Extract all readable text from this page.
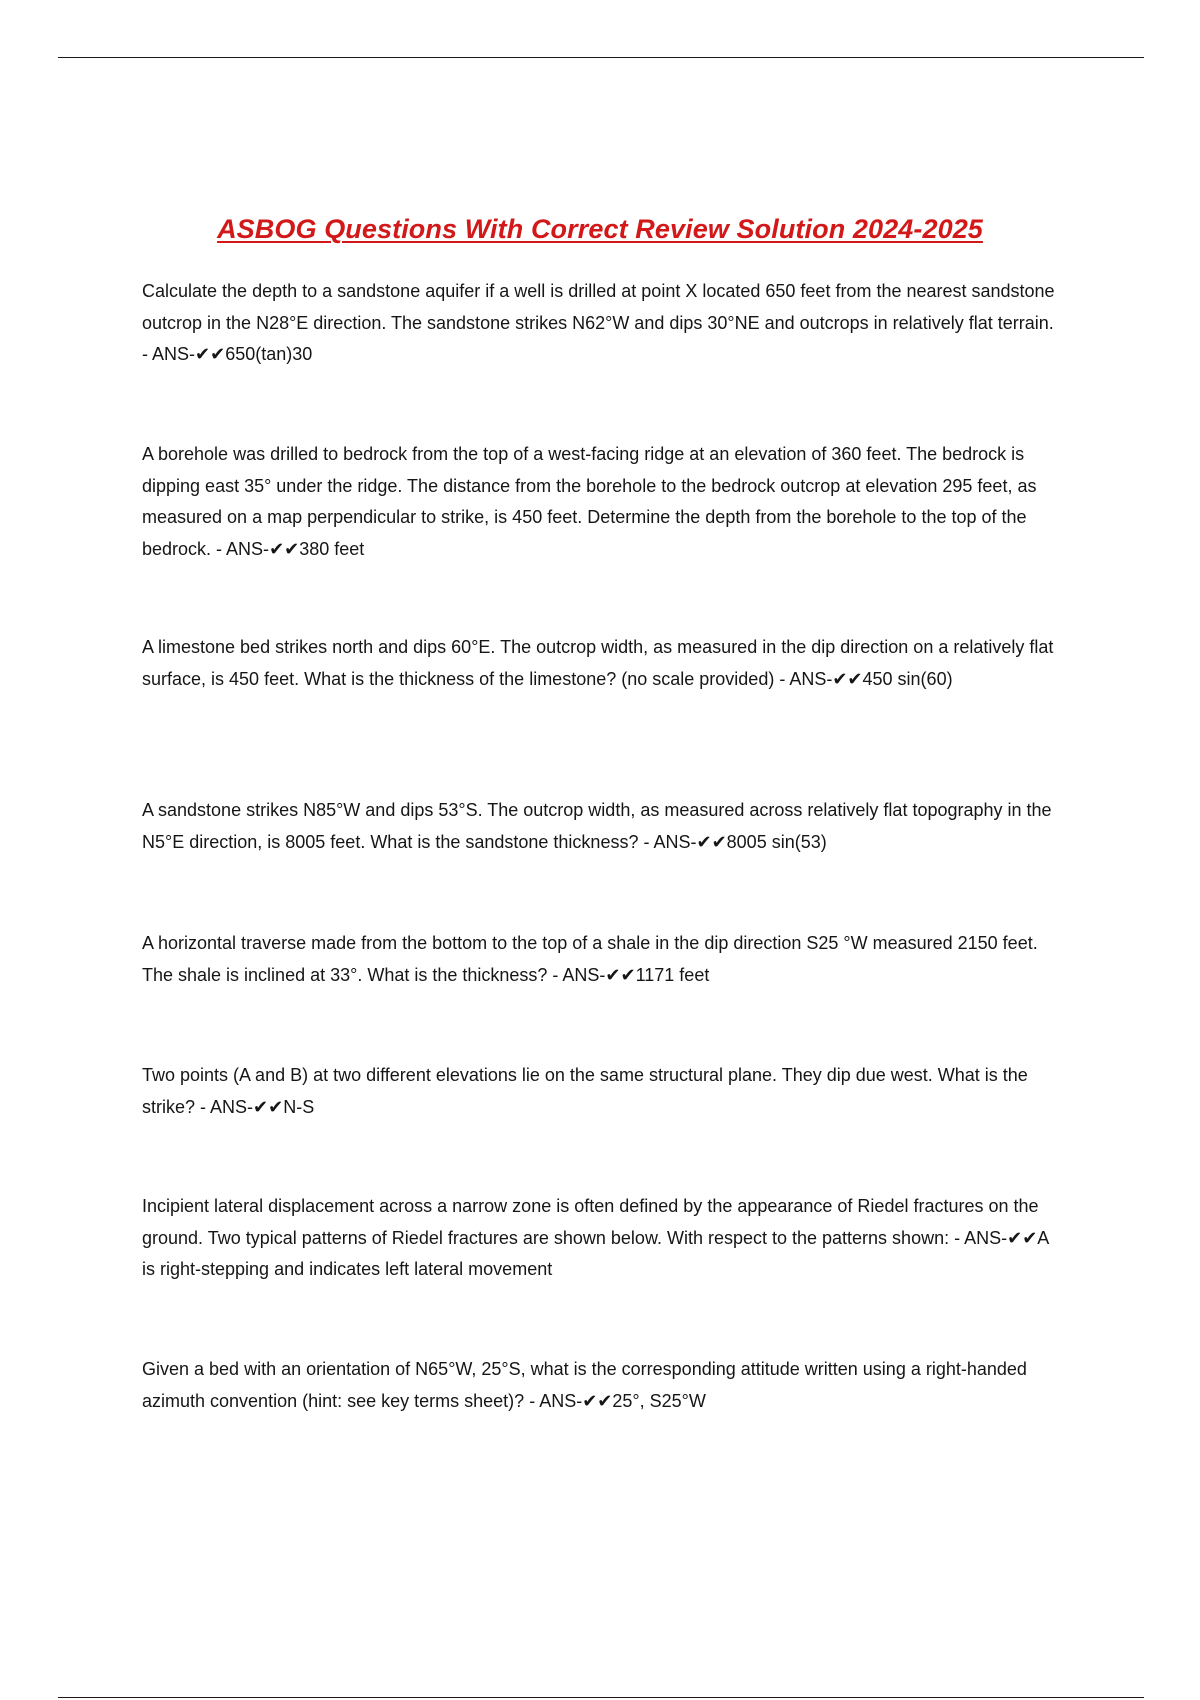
ASBOG Questions With Correct Review Solution 2024-2025

Calculate the depth to a sandstone aquifer if a well is drilled at point X located 650 feet from the nearest sandstone outcrop in the N28°E direction. The sandstone strikes N62°W and dips 30°NE and outcrops in relatively flat terrain. - ANS-✔✔650(tan)30

A borehole was drilled to bedrock from the top of a west-facing ridge at an elevation of 360 feet. The bedrock is dipping east 35° under the ridge. The distance from the borehole to the bedrock outcrop at elevation 295 feet, as measured on a map perpendicular to strike, is 450 feet. Determine the depth from the borehole to the top of the bedrock. - ANS-✔✔380 feet

A limestone bed strikes north and dips 60°E. The outcrop width, as measured in the dip direction on a relatively flat surface, is 450 feet. What is the thickness of the limestone? (no scale provided) - ANS-✔✔450 sin(60)

A sandstone strikes N85°W and dips 53°S. The outcrop width, as measured across relatively flat topography in the N5°E direction, is 8005 feet. What is the sandstone thickness? - ANS-✔✔8005 sin(53)

A horizontal traverse made from the bottom to the top of a shale in the dip direction S25 °W measured 2150 feet. The shale is inclined at 33°. What is the thickness? - ANS-✔✔1171 feet

Two points (A and B) at two different elevations lie on the same structural plane. They dip due west. What is the strike? - ANS-✔✔N-S

Incipient lateral displacement across a narrow zone is often defined by the appearance of Riedel fractures on the ground. Two typical patterns of Riedel fractures are shown below. With respect to the patterns shown: - ANS-✔✔A is right-stepping and indicates left lateral movement

Given a bed with an orientation of N65°W, 25°S, what is the corresponding attitude written using a right-handed azimuth convention (hint: see key terms sheet)? - ANS-✔✔25°, S25°W
